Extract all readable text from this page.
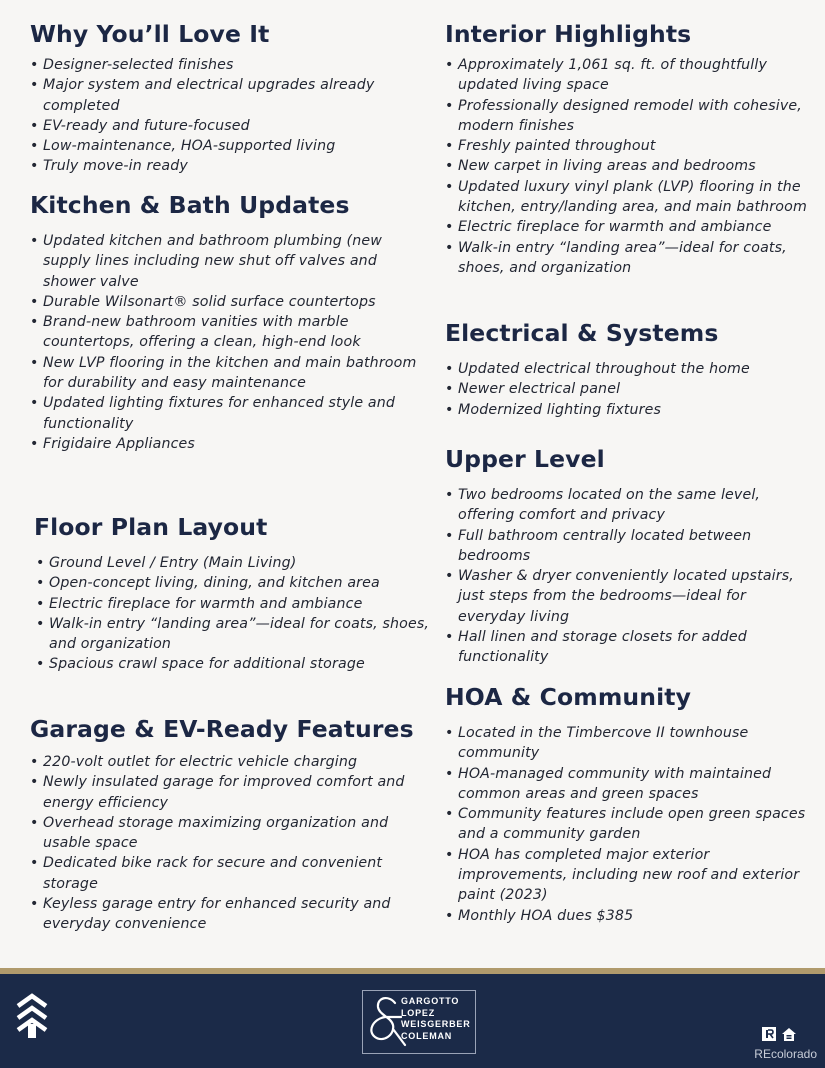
Why You’ll Love It
• Designer-selected finishes
• Major system and electrical upgrades already completed
• EV-ready and future-focused
• Low-maintenance, HOA-supported living
• Truly move-in ready
Kitchen & Bath Updates
• Updated kitchen and bathroom plumbing (new supply lines including new shut off valves and shower valve
• Durable Wilsonart® solid surface countertops
• Brand-new bathroom vanities with marble countertops, offering a clean, high-end look
• New LVP flooring in the kitchen and main bathroom for durability and easy maintenance
• Updated lighting fixtures for enhanced style and functionality
• Frigidaire Appliances
Floor Plan Layout
• Ground Level / Entry (Main Living)
• Open-concept living, dining, and kitchen area
• Electric fireplace for warmth and ambiance
• Walk-in entry “landing area”—ideal for coats, shoes, and organization
• Spacious crawl space for additional storage
Garage & EV-Ready Features
• 220-volt outlet for electric vehicle charging
• Newly insulated garage for improved comfort and energy efficiency
• Overhead storage maximizing organization and usable space
• Dedicated bike rack for secure and convenient storage
• Keyless garage entry for enhanced security and everyday convenience
Interior Highlights
• Approximately 1,061 sq. ft. of thoughtfully updated living space
• Professionally designed remodel with cohesive, modern finishes
• Freshly painted throughout
• New carpet in living areas and bedrooms
• Updated luxury vinyl plank (LVP) flooring in the kitchen, entry/landing area, and main bathroom
• Electric fireplace for warmth and ambiance
• Walk-in entry “landing area”—ideal for coats, shoes, and organization
Electrical & Systems
• Updated electrical throughout the home
• Newer electrical panel
• Modernized lighting fixtures
Upper Level
• Two bedrooms located on the same level, offering comfort and privacy
• Full bathroom centrally located between bedrooms
• Washer & dryer conveniently located upstairs, just steps from the bedrooms—ideal for everyday living
• Hall linen and storage closets for added functionality
HOA & Community
• Located in the Timbercove II townhouse community
• HOA-managed community with maintained common areas and green spaces
• Community features include open green spaces and a community garden
• HOA has completed major exterior improvements, including new roof and exterior paint (2023)
• Monthly HOA dues $385
GARGOTTO
LOPEZ
WEISGERBER
COLEMAN
REcolorado
